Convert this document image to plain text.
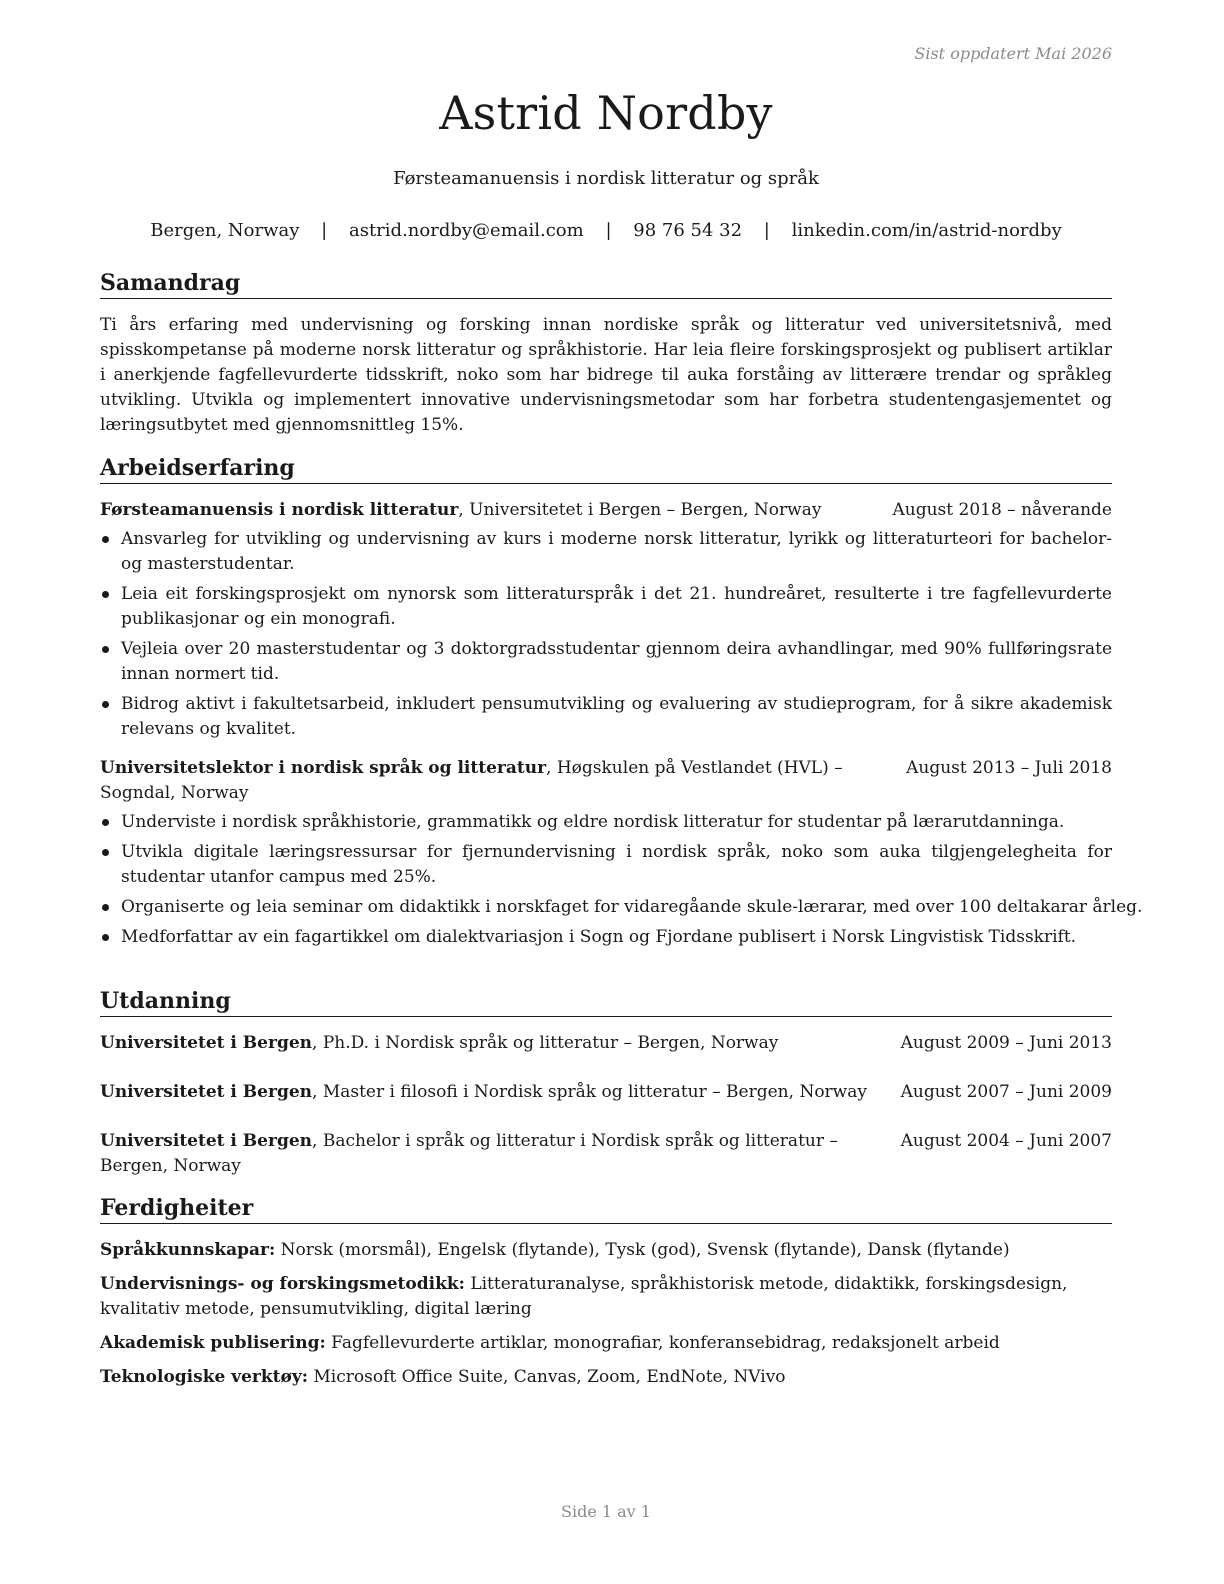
Sist oppdatert Mai 2026
Astrid Nordby
Førsteamanuensis i nordisk litteratur og språk
Bergen, Norway | astrid.nordby@email.com | 98 76 54 32 | linkedin.com/in/astrid-nordby
Samandrag

Ti års erfaring med undervisning og forsking innan nordiske språk og litteratur ved universitetsnivå, med spisskompetanse på moderne norsk litteratur og språkhistorie. Har leia fleire forskingsprosjekt og publisert artiklar i anerkjende fagfellevurderte tidsskrift, noko som har bidrege til auka forståing av litterære trendar og språkleg utvikling. Utvikla og implementert innovative undervisningsmetodar som har forbetra studentengasjementet og læringsutbytet med gjennomsnittleg 15%.

Arbeidserfaring
Førsteamanuensis i nordisk litteratur, Universitetet i Bergen – Bergen, Norway	August 2018 – nåverande
Ansvarleg for utvikling og undervisning av kurs i moderne norsk litteratur, lyrikk og litteraturteori for bachelor- og masterstudentar.
Leia eit forskingsprosjekt om nynorsk som litteraturspråk i det 21. hundreåret, resulterte i tre fagfellevurderte publikasjonar og ein monografi.
Vejleia over 20 masterstudentar og 3 doktorgradsstudentar gjennom deira avhandlingar, med 90% fullføringsrate innan normert tid.
Bidrog aktivt i fakultetsarbeid, inkludert pensumutvikling og evaluering av studieprogram, for å sikre akademisk relevans og kvalitet.
Universitetslektor i nordisk språk og litteratur, Høgskulen på Vestlandet (HVL) – Sogndal, Norway
August 2013 – Juli 2018
Underviste i nordisk språkhistorie, grammatikk og eldre nordisk litteratur for studentar på lærarutdanninga.
Utvikla digitale læringsressursar for fjernundervisning i nordisk språk, noko som auka tilgjengelegheita for studentar utanfor campus med 25%.
Organiserte og leia seminar om didaktikk i norskfaget for vidaregåande skule-lærarar, med over 100 deltakarar årleg.
Medforfattar av ein fagartikkel om dialektvariasjon i Sogn og Fjordane publisert i Norsk Lingvistisk Tidsskrift.
Utdanning
Universitetet i Bergen, Ph.D. i Nordisk språk og litteratur – Bergen, Norway	August 2009 – Juni 2013
Universitetet i Bergen, Master i filosofi i Nordisk språk og litteratur – Bergen, Norway	August 2007 – Juni 2009
Universitetet i Bergen, Bachelor i språk og litteratur i Nordisk språk og litteratur – Bergen, Norway
August 2004 – Juni 2007
Ferdigheiter
Språkkunnskapar: Norsk (morsmål), Engelsk (flytande), Tysk (god), Svensk (flytande), Dansk (flytande)
Undervisnings- og forskingsmetodikk: Litteraturanalyse, språkhistorisk metode, didaktikk, forskingsdesign, kvalitativ metode, pensumutvikling, digital læring
Akademisk publisering: Fagfellevurderte artiklar, monografiar, konferansebidrag, redaksjonelt arbeid
Teknologiske verktøy: Microsoft Office Suite, Canvas, Zoom, EndNote, NVivo
Side 1 av 1
